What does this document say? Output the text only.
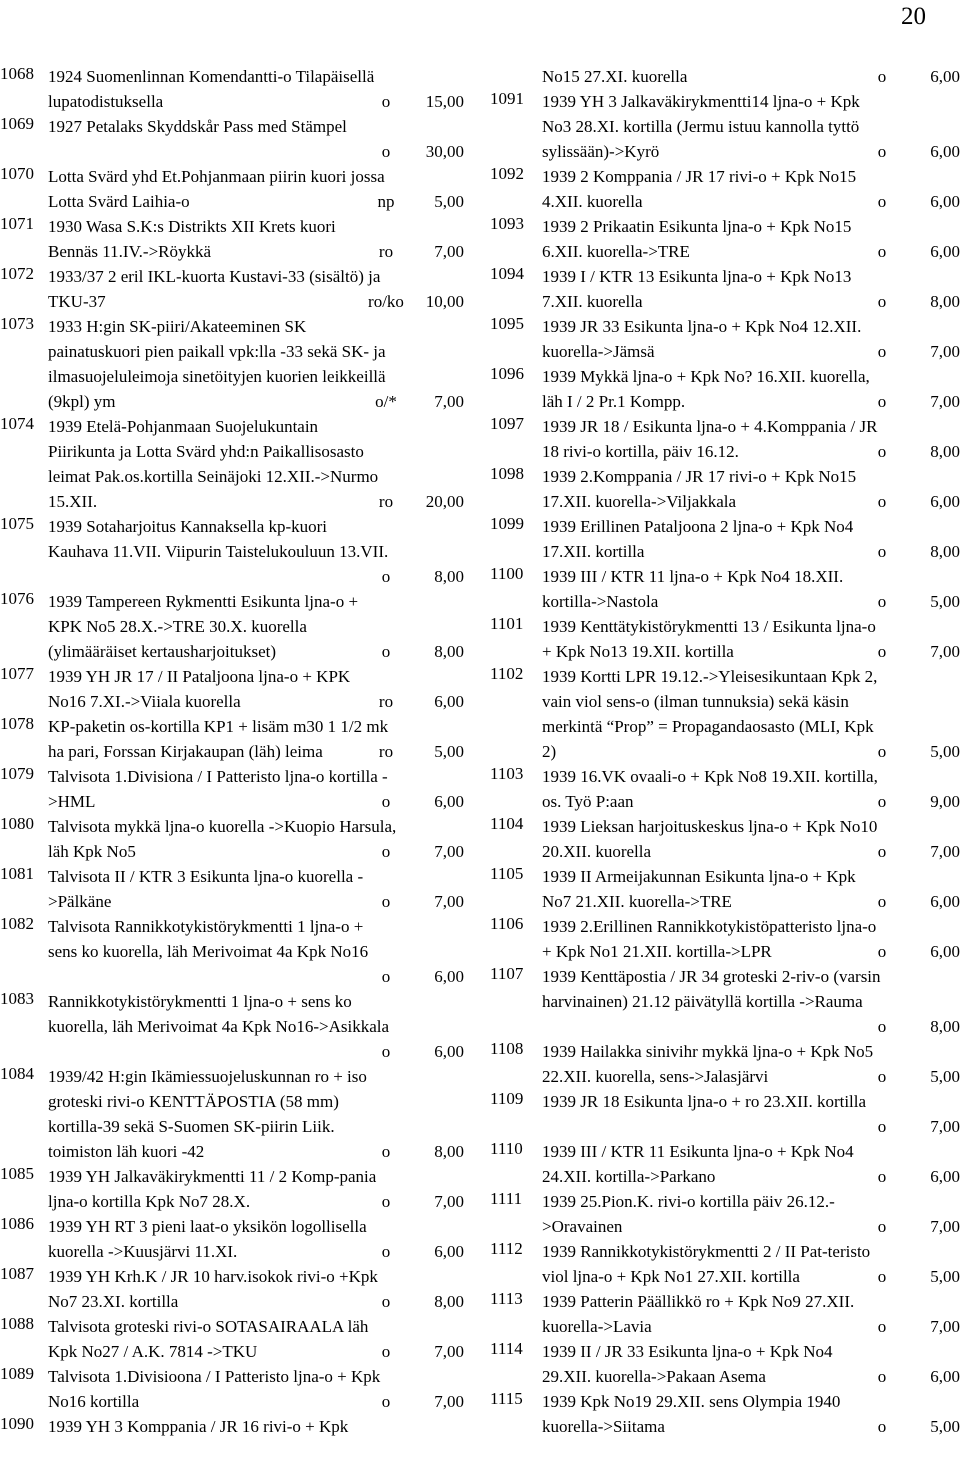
20
1068 1924 Suomenlinnan Komendantti-o Tilapäisellä
lupatodistuksella	o	15,00
1069 1927 Petalaks Skyddskår Pass med Stämpel
o	30,00
1070 Lotta Svärd yhd Et.Pohjanmaan piirin kuori jossa
Lotta Svärd Laihia-o	np	5,00
1071 1930 Wasa S.K:s Distrikts XII Krets kuori
Bennäs 11.IV.->Röykkä	ro	7,00
1072 1933/37 2 eril IKL-kuorta Kustavi-33 (sisältö) ja
TKU-37	ro/ko	10,00
1073 1933 H:gin SK-piiri/Akateeminen SK
painatuskuori pien paikall vpk:lla -33 sekä SK- ja
ilmasuojeluleimoja sinetöityjen kuorien leikkeillä
(9kpl) ym	o/*	7,00
1074 1939 Etelä-Pohjanmaan Suojelukuntain
Piirikunta ja Lotta Svärd yhd:n Paikallisosasto
leimat Pak.os.kortilla Seinäjoki 12.XII.->Nurmo
15.XII.	ro	20,00
1075 1939 Sotaharjoitus Kannaksella kp-kuori
Kauhava 11.VII. Viipurin Taistelukouluun 13.VII.
o	8,00
1076 1939 Tampereen Rykmentti Esikunta ljna-o +
KPK No5 28.X.->TRE 30.X. kuorella
(ylimääräiset kertausharjoitukset)	o	8,00
1077 1939 YH JR 17 / II Pataljoona ljna-o + KPK
No16 7.XI.->Viiala kuorella	ro	6,00
1078 KP-paketin os-kortilla KP1 + lisäm m30 1 1/2 mk
ha pari, Forssan Kirjakaupan (läh) leima	ro	5,00
1079 Talvisota 1.Divisiona / I Patteristo ljna-o kortilla -
>HML	o	6,00
1080 Talvisota mykkä ljna-o kuorella ->Kuopio Harsula,
läh Kpk No5	o	7,00
1081 Talvisota II / KTR 3 Esikunta ljna-o kuorella -
>Pälkäne	o	7,00
1082 Talvisota Rannikkotykistörykmentti 1 ljna-o +
sens ko kuorella, läh Merivoimat 4a Kpk No16
o	6,00
1083 Rannikkotykistörykmentti 1 ljna-o + sens ko
kuorella, läh Merivoimat 4a Kpk No16->Asikkala
o	6,00
1084 1939/42 H:gin Ikämiessuojeluskunnan ro + iso
groteski rivi-o KENTTÄPOSTIA (58 mm)
kortilla-39 sekä S-Suomen SK-piirin Liik.
toimiston läh kuori -42	o	8,00
1085 1939 YH Jalkaväkirykmentti 11 / 2 Komp-pania
ljna-o kortilla Kpk No7 28.X.	o	7,00
1086 1939 YH RT 3 pieni laat-o yksikön logollisella
kuorella ->Kuusjärvi 11.XI.	o	6,00
1087 1939 YH Krh.K / JR 10 harv.isokok rivi-o +Kpk
No7 23.XI. kortilla	o	8,00
1088 Talvisota groteski rivi-o SOTASAIRAALA läh
Kpk No27 / A.K. 7814 ->TKU	o	7,00
1089 Talvisota 1.Divisioona / I Patteristo ljna-o + Kpk
No16 kortilla	o	7,00
1090 1939 YH 3 Komppania / JR 16 rivi-o + Kpk
No15 27.XI. kuorella	o	6,00
1091	1939 YH 3 Jalkaväkirykmentti14 ljna-o + Kpk
No3 28.XI. kortilla (Jermu istuu kannolla tyttö
sylissään)->Kyrö	o	6,00
1092	1939 2 Komppania / JR 17 rivi-o + Kpk No15
4.XII. kuorella	o	6,00
1093	1939 2 Prikaatin Esikunta ljna-o + Kpk No15
6.XII. kuorella->TRE	o	6,00
1094	1939 I / KTR 13 Esikunta ljna-o + Kpk No13
7.XII. kuorella	o	8,00
1095	1939 JR 33 Esikunta ljna-o + Kpk No4 12.XII.
kuorella->Jämsä	o	7,00
1096	1939 Mykkä ljna-o + Kpk No? 16.XII. kuorella,
läh I / 2 Pr.1 Kompp.	o	7,00
1097	1939 JR 18 / Esikunta ljna-o + 4.Komppania / JR
18 rivi-o kortilla, päiv 16.12.	o	8,00
1098	1939 2.Komppania / JR 17 rivi-o + Kpk No15
17.XII. kuorella->Viljakkala	o	6,00
1099	1939 Erillinen Pataljoona 2 ljna-o + Kpk No4
17.XII. kortilla	o	8,00
1100	1939 III / KTR 11 ljna-o + Kpk No4 18.XII.
kortilla->Nastola	o	5,00
1101	1939 Kenttätykistörykmentti 13 / Esikunta ljna-o
+ Kpk No13 19.XII. kortilla	o	7,00
1102	1939 Kortti LPR 19.12.->Yleisesikuntaan Kpk 2,
vain viol sens-o (ilman tunnuksia) sekä käsin
merkintä “Prop” = Propagandaosasto (MLI, Kpk
2)	o	5,00
1103	1939 16.VK ovaali-o + Kpk No8 19.XII. kortilla,
os. Työ P:aan	o	9,00
1104	1939 Lieksan harjoituskeskus ljna-o + Kpk No10
20.XII. kuorella	o	7,00
1105	1939 II Armeijakunnan Esikunta ljna-o + Kpk
No7 21.XII. kuorella->TRE	o	6,00
1106	1939 2.Erillinen Rannikkotykistöpatteristo ljna-o
+ Kpk No1 21.XII. kortilla->LPR	o	6,00
1107	1939 Kenttäpostia / JR 34 groteski 2-riv-o (varsin
harvinainen) 21.12 päivätyllä kortilla ->Rauma
o	8,00
1108	1939 Hailakka sinivihr mykkä ljna-o + Kpk No5
22.XII. kuorella, sens->Jalasjärvi	o	5,00
1109	1939 JR 18 Esikunta ljna-o + ro 23.XII. kortilla
o	7,00
1110	1939 III / KTR 11 Esikunta ljna-o + Kpk No4
24.XII. kortilla->Parkano	o	6,00
1111	1939 25.Pion.K. rivi-o kortilla päiv 26.12.-
>Oravainen	o	7,00
1112	1939 Rannikkotykistörykmentti 2 / II Pat-teristo
viol ljna-o + Kpk No1 27.XII. kortilla	o	5,00
1113	1939 Patterin Päällikkö ro + Kpk No9 27.XII.
kuorella->Lavia	o	7,00
1114	1939 II / JR 33 Esikunta ljna-o + Kpk No4
29.XII. kuorella->Pakaan Asema	o	6,00
1115	1939 Kpk No19 29.XII. sens Olympia 1940
kuorella->Siitama	o	5,00
